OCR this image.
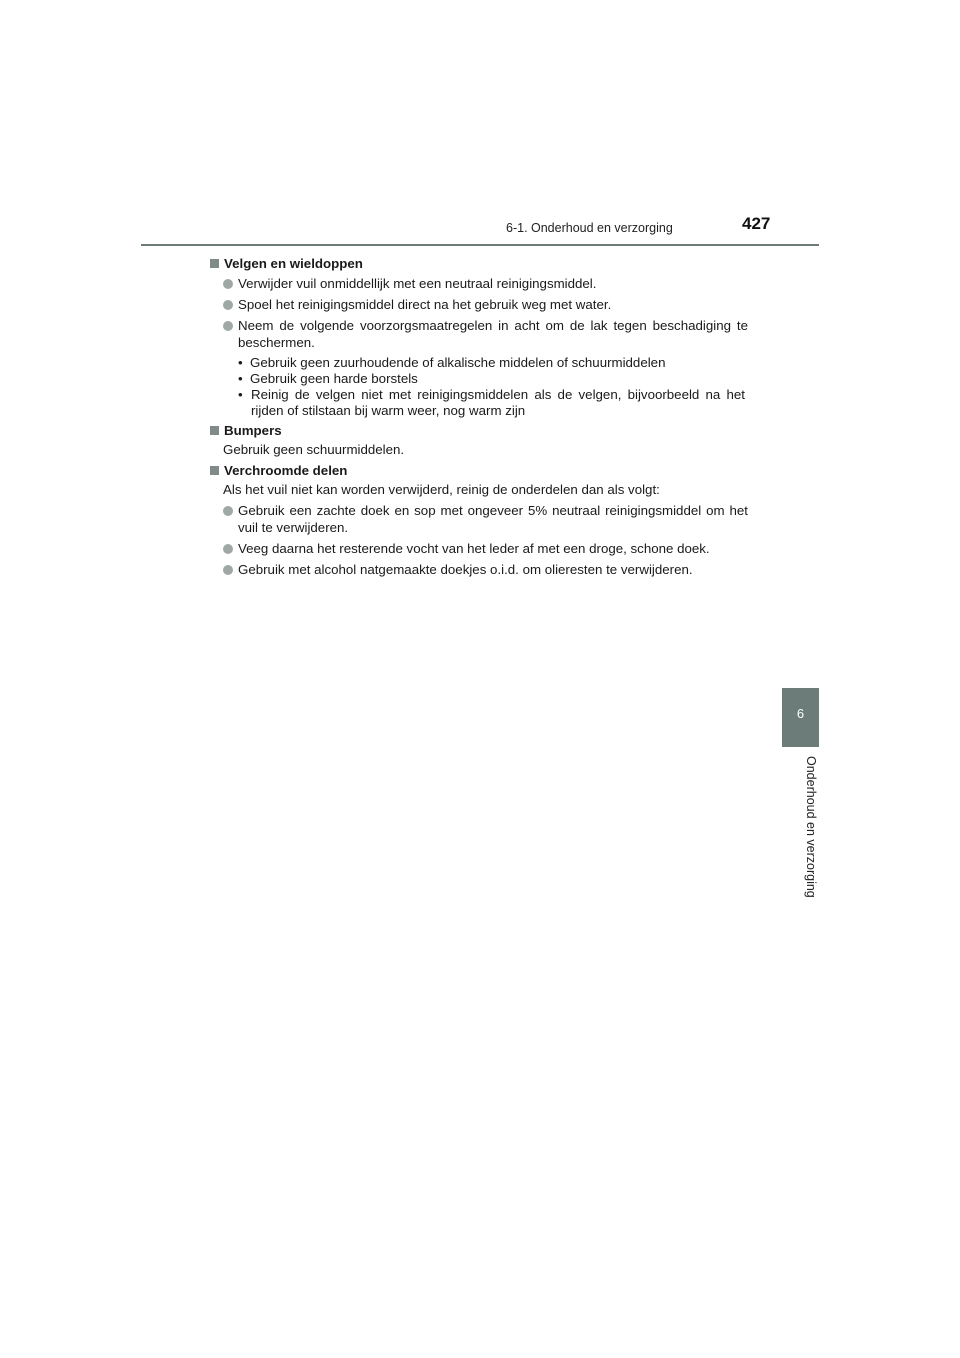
6-1. Onderhoud en verzorging	427
6
Onderhoud en verzorging
Velgen en wieldoppen
Verwijder vuil onmiddellijk met een neutraal reinigingsmiddel.
Spoel het reinigingsmiddel direct na het gebruik weg met water.
Neem de volgende voorzorgsmaatregelen in acht om de lak tegen beschadiging te
beschermen.
•  Gebruik geen zuurhoudende of alkalische middelen of schuurmiddelen
•  Gebruik geen harde borstels
• Reinig de velgen niet met reinigingsmiddelen als de velgen, bijvoorbeeld na het
rijden of stilstaan bij warm weer, nog warm zijn
Bumpers
Gebruik geen schuurmiddelen.
Verchroomde delen
Als het vuil niet kan worden verwijderd, reinig de onderdelen dan als volgt:
Gebruik een zachte doek en sop met ongeveer 5% neutraal reinigingsmiddel om het
vuil te verwijderen.
Veeg daarna het resterende vocht van het leder af met een droge, schone doek.
Gebruik met alcohol natgemaakte doekjes o.i.d. om olieresten te verwijderen.
